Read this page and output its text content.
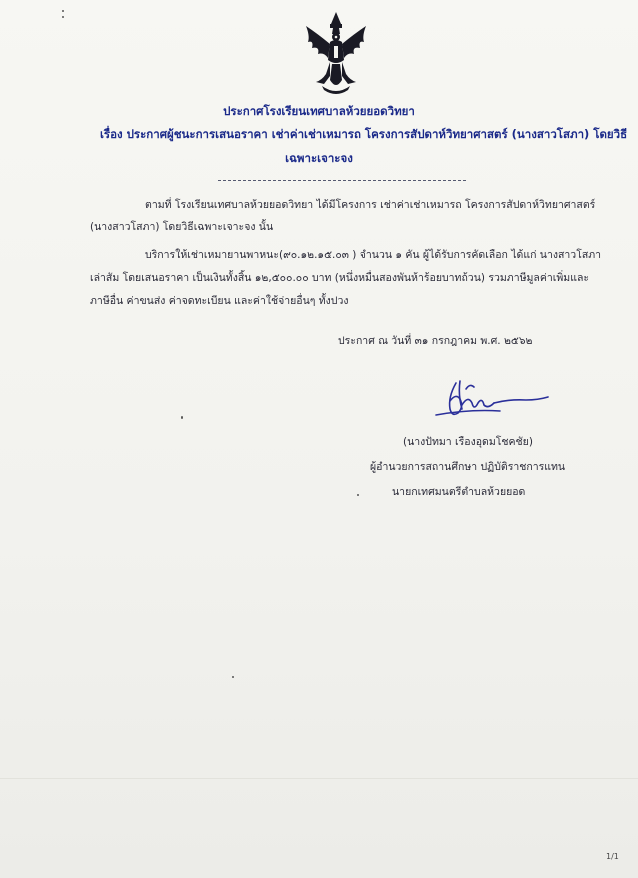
ประกาศโรงเรียนเทศบาลห้วยยอดวิทยา
เรื่อง ประกาศผู้ชนะการเสนอราคา เช่าค่าเช่าเหมารถ โครงการสัปดาห์วิทยาศาสตร์ (นางสาวโสภา) โดยวิธี
เฉพาะเจาะจง
ตามที่ โรงเรียนเทศบาลห้วยยอดวิทยา ได้มีโครงการ เช่าค่าเช่าเหมารถ โครงการสัปดาห์วิทยาศาสตร์
(นางสาวโสภา) โดยวิธีเฉพาะเจาะจง นั้น
บริการให้เช่าเหมายานพาหนะ(๙๐.๑๒.๑๕.๐๓ ) จำนวน ๑ คัน ผู้ได้รับการคัดเลือก ได้แก่ นางสาวโสภา
เล่าสัม โดยเสนอราคา เป็นเงินทั้งสิ้น ๑๒,๕๐๐.๐๐ บาท (หนึ่งหมื่นสองพันห้าร้อยบาทถ้วน) รวมภาษีมูลค่าเพิ่มและ
ภาษีอื่น ค่าขนส่ง ค่าจดทะเบียน และค่าใช้จ่ายอื่นๆ ทั้งปวง
ประกาศ ณ วันที่ ๓๑ กรกฎาคม พ.ศ. ๒๕๖๒
(นางปัทมา เรืองอุดมโชคชัย)
ผู้อำนวยการสถานศึกษา ปฏิบัติราชการแทน
นายกเทศมนตรีตำบลห้วยยอด
1/1
